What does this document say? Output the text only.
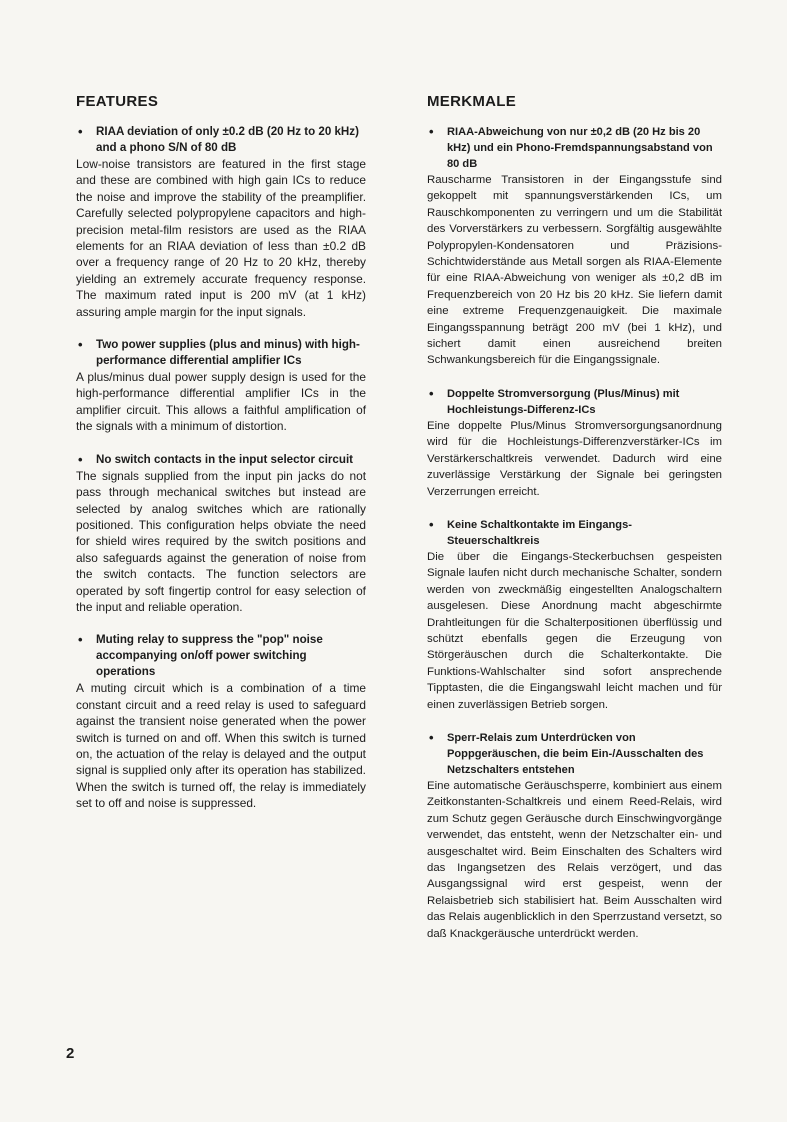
FEATURES
• RIAA deviation of only ±0.2 dB (20 Hz to 20 kHz) and a phono S/N of 80 dB
Low-noise transistors are featured in the first stage and these are combined with high gain ICs to reduce the noise and improve the stability of the preamplifier. Carefully selected polypropylene capacitors and high-precision metal-film resistors are used as the RIAA elements for an RIAA deviation of less than ±0.2 dB over a frequency range of 20 Hz to 20 kHz, thereby yielding an extremely accurate frequency response. The maximum rated input is 200 mV (at 1 kHz) assuring ample margin for the input signals.
• Two power supplies (plus and minus) with high-performance differential amplifier ICs
A plus/minus dual power supply design is used for the high-performance differential amplifier ICs in the amplifier circuit. This allows a faithful amplification of the signals with a minimum of distortion.
• No switch contacts in the input selector circuit
The signals supplied from the input pin jacks do not pass through mechanical switches but instead are selected by analog switches which are rationally positioned. This configuration helps obviate the need for shield wires required by the switch positions and also safeguards against the generation of noise from the switch contacts. The function selectors are operated by soft fingertip control for easy selection of the input and reliable operation.
• Muting relay to suppress the "pop" noise accompanying on/off power switching operations
A muting circuit which is a combination of a time constant circuit and a reed relay is used to safeguard against the transient noise generated when the power switch is turned on and off. When this switch is turned on, the actuation of the relay is delayed and the output signal is supplied only after its operation has stabilized. When the switch is turned off, the relay is immediately set to off and noise is suppressed.
MERKMALE
• RIAA-Abweichung von nur ±0,2 dB (20 Hz bis 20 kHz) und ein Phono-Fremdspannungsabstand von 80 dB
Rauscharme Transistoren in der Eingangsstufe sind gekoppelt mit spannungsverstärkenden ICs, um Rauschkomponenten zu verringern und um die Stabilität des Vorverstärkers zu verbessern. Sorgfältig ausgewählte Polypropylen-Kondensatoren und Präzisions-Schichtwiderstände aus Metall sorgen als RIAA-Elemente für eine RIAA-Abweichung von weniger als ±0,2 dB im Frequenzbereich von 20 Hz bis 20 kHz. Sie liefern damit eine extreme Frequenzgenauigkeit. Die maximale Eingangsspannung beträgt 200 mV (bei 1 kHz), und sichert damit einen ausreichend breiten Schwankungsbereich für die Eingangssignale.
• Doppelte Stromversorgung (Plus/Minus) mit Hochleistungs-Differenz-ICs
Eine doppelte Plus/Minus Stromversorgungsanordnung wird für die Hochleistungs-Differenzverstärker-ICs im Verstärkerschaltkreis verwendet. Dadurch wird eine zuverlässige Verstärkung der Signale bei geringsten Verzerrungen erreicht.
• Keine Schaltkontakte im Eingangs-Steuerschaltkreis
Die über die Eingangs-Steckerbuchsen gespeisten Signale laufen nicht durch mechanische Schalter, sondern werden von zweckmäßig eingestellten Analogschaltern ausgelesen. Diese Anordnung macht abgeschirmte Drahtleitungen für die Schalterpositionen überflüssig und schützt ebenfalls gegen die Erzeugung von Störgeräuschen durch die Schalterkontakte. Die Funktions-Wahlschalter sind sofort ansprechende Tipptasten, die die Eingangswahl leicht machen und für einen zuverlässigen Betrieb sorgen.
• Sperr-Relais zum Unterdrücken von Poppgeräuschen, die beim Ein-/Ausschalten des Netzschalters entstehen
Eine automatische Geräuschsperre, kombiniert aus einem Zeitkonstanten-Schaltkreis und einem Reed-Relais, wird zum Schutz gegen Geräusche durch Einschwingvorgänge verwendet, das entsteht, wenn der Netzschalter ein- und ausgeschaltet wird. Beim Einschalten des Schalters wird das Ingangsetzen des Relais verzögert, und das Ausgangssignal wird erst gespeist, wenn der Relaisbetrieb sich stabilisiert hat. Beim Ausschalten wird das Relais augenblicklich in den Sperrzustand versetzt, so daß Knackgeräusche unterdrückt werden.
2
